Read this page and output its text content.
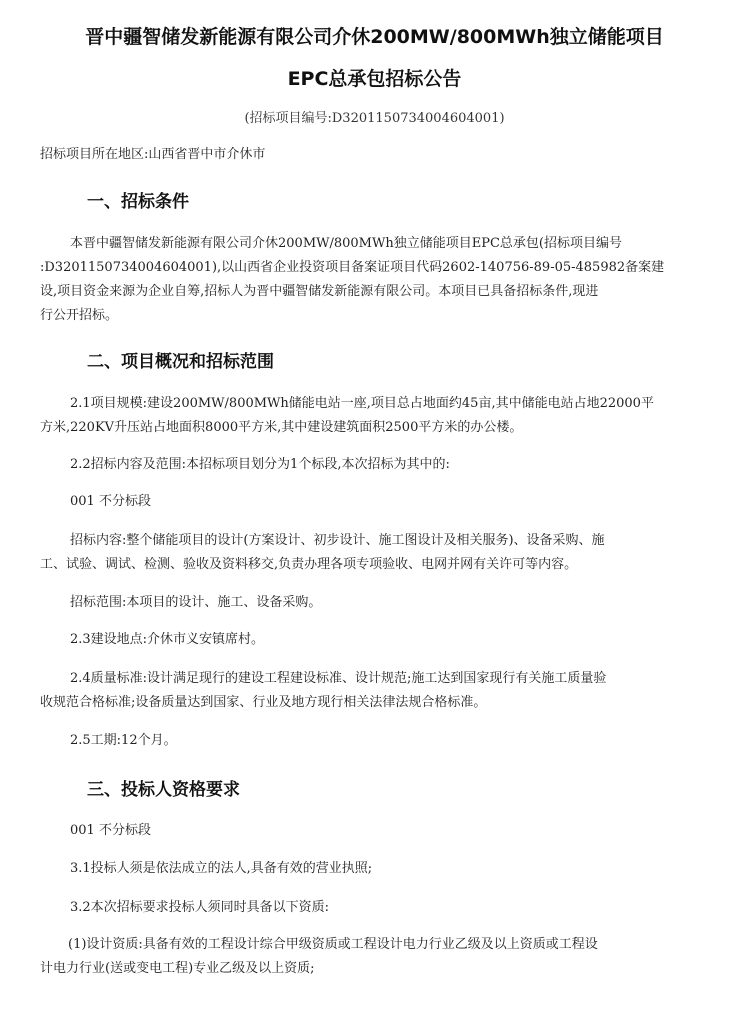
晋中疆智储发新能源有限公司介休200MW/800MWh独立储能项目
EPC总承包招标公告
(招标项目编号:D3201150734004604001)
招标项目所在地区:山西省晋中市介休市
一、招标条件
本晋中疆智储发新能源有限公司介休200MW/800MWh独立储能项目EPC总承包(招标项目编号
:D3201150734004604001),以山西省企业投资项目备案证项目代码2602-140756-89-05-485982备案建
设,项目资金来源为企业自筹,招标人为晋中疆智储发新能源有限公司。本项目已具备招标条件,现进
行公开招标。
二、项目概况和招标范围
2.1项目规模:建设200MW/800MWh储能电站一座,项目总占地面约45亩,其中储能电站占地22000平
方米,220KV升压站占地面积8000平方米,其中建设建筑面积2500平方米的办公楼。
2.2招标内容及范围:本招标项目划分为1个标段,本次招标为其中的:
001 不分标段
招标内容:整个储能项目的设计(方案设计、初步设计、施工图设计及相关服务)、设备采购、施
工、试验、调试、检测、验收及资料移交,负责办理各项专项验收、电网并网有关许可等内容。
招标范围:本项目的设计、施工、设备采购。
2.3建设地点:介休市义安镇席村。
2.4质量标准:设计满足现行的建设工程建设标准、设计规范;施工达到国家现行有关施工质量验
收规范合格标准;设备质量达到国家、行业及地方现行相关法律法规合格标准。
2.5工期:12个月。
三、投标人资格要求
001 不分标段
3.1投标人须是依法成立的法人,具备有效的营业执照;
3.2本次招标要求投标人须同时具备以下资质:
(1)设计资质:具备有效的工程设计综合甲级资质或工程设计电力行业乙级及以上资质或工程设
计电力行业(送或变电工程)专业乙级及以上资质;
